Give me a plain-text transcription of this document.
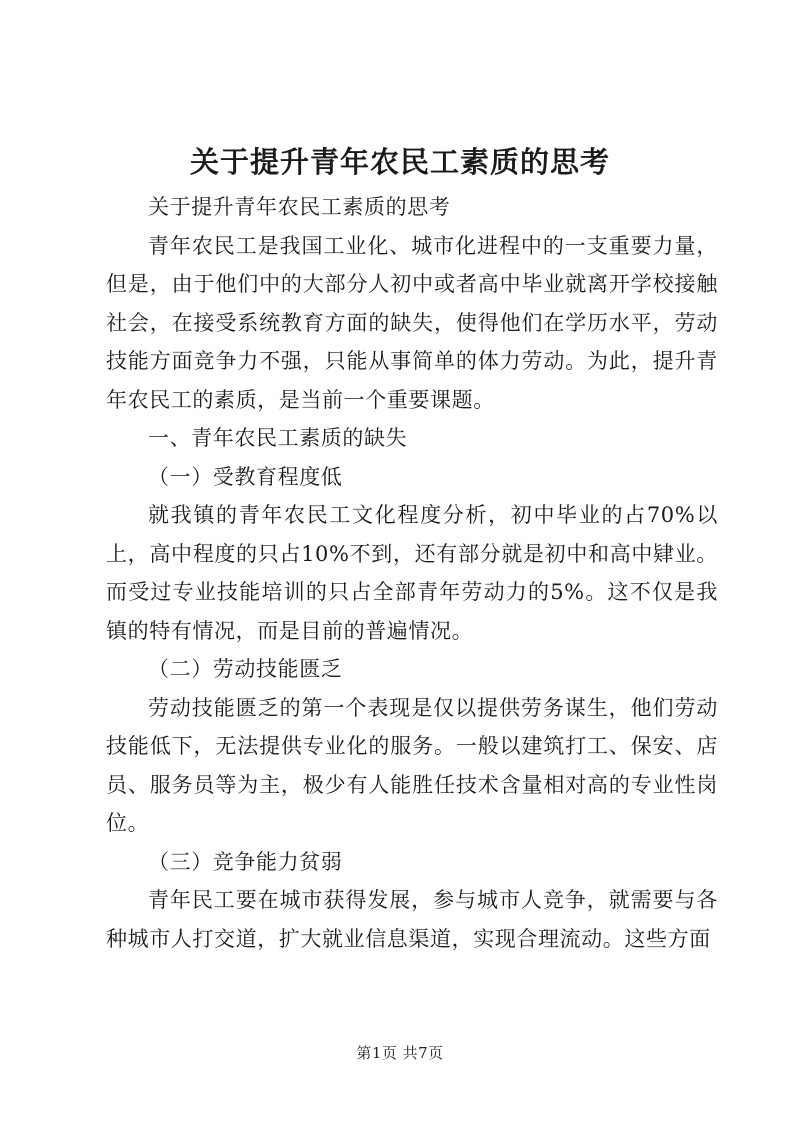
关于提升青年农民工素质的思考

关于提升青年农民工素质的思考

青年农民工是我国工业化、城市化进程中的一支重要力量，但是，由于他们中的大部分人初中或者高中毕业就离开学校接触社会，在接受系统教育方面的缺失，使得他们在学历水平，劳动技能方面竞争力不强，只能从事简单的体力劳动。为此，提升青年农民工的素质，是当前一个重要课题。

一、青年农民工素质的缺失

（一）受教育程度低

就我镇的青年农民工文化程度分析，初中毕业的占70%以上，高中程度的只占10%不到，还有部分就是初中和高中肄业。而受过专业技能培训的只占全部青年劳动力的5%。这不仅是我镇的特有情况，而是目前的普遍情况。

（二）劳动技能匮乏

劳动技能匮乏的第一个表现是仅以提供劳务谋生，他们劳动技能低下，无法提供专业化的服务。一般以建筑打工、保安、店员、服务员等为主，极少有人能胜任技术含量相对高的专业性岗位。

（三）竞争能力贫弱

青年民工要在城市获得发展，参与城市人竞争，就需要与各种城市人打交道，扩大就业信息渠道，实现合理流动。这些方面

第1页 共7页
